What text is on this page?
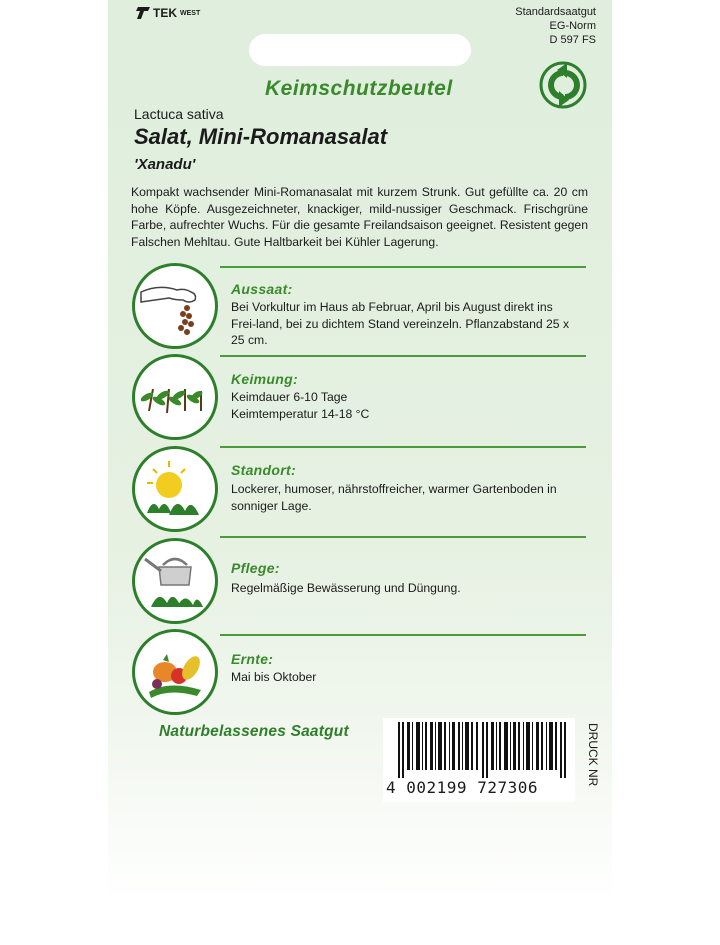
TEK WEST	Standardsaatgut
EG-Norm
D 597 FS
Keimschutzbeutel
Lactuca sativa
Salat, Mini-Romanasalat
'Xanadu'
Kompakt wachsender Mini-Romanasalat mit kurzem Strunk. Gut gefüllte ca. 20 cm hohe Köpfe. Ausgezeichneter, knackiger, mild-nussiger Geschmack. Frischgrüne Farbe, aufrechter Wuchs. Für die gesamte Freilandsaison geeignet. Resistent gegen Falschen Mehltau. Gute Haltbarkeit bei Kühler Lagerung.
Aussaat:
Bei Vorkultur im Haus ab Februar, April bis August direkt ins Frei-land, bei zu dichtem Stand vereinzeln. Pflanzabstand 25 x 25 cm.
Keimung:
Keimdauer 6-10 Tage
Keimtemperatur 14-18 °C
Standort:
Lockerer, humoser, nährstoffreicher, warmer Gartenboden in sonniger Lage.
Pflege:
Regelmäßige Bewässerung und Düngung.
Ernte:
Mai bis Oktober
Naturbelassenes Saatgut
4 002199 727306
DRUCK NR
